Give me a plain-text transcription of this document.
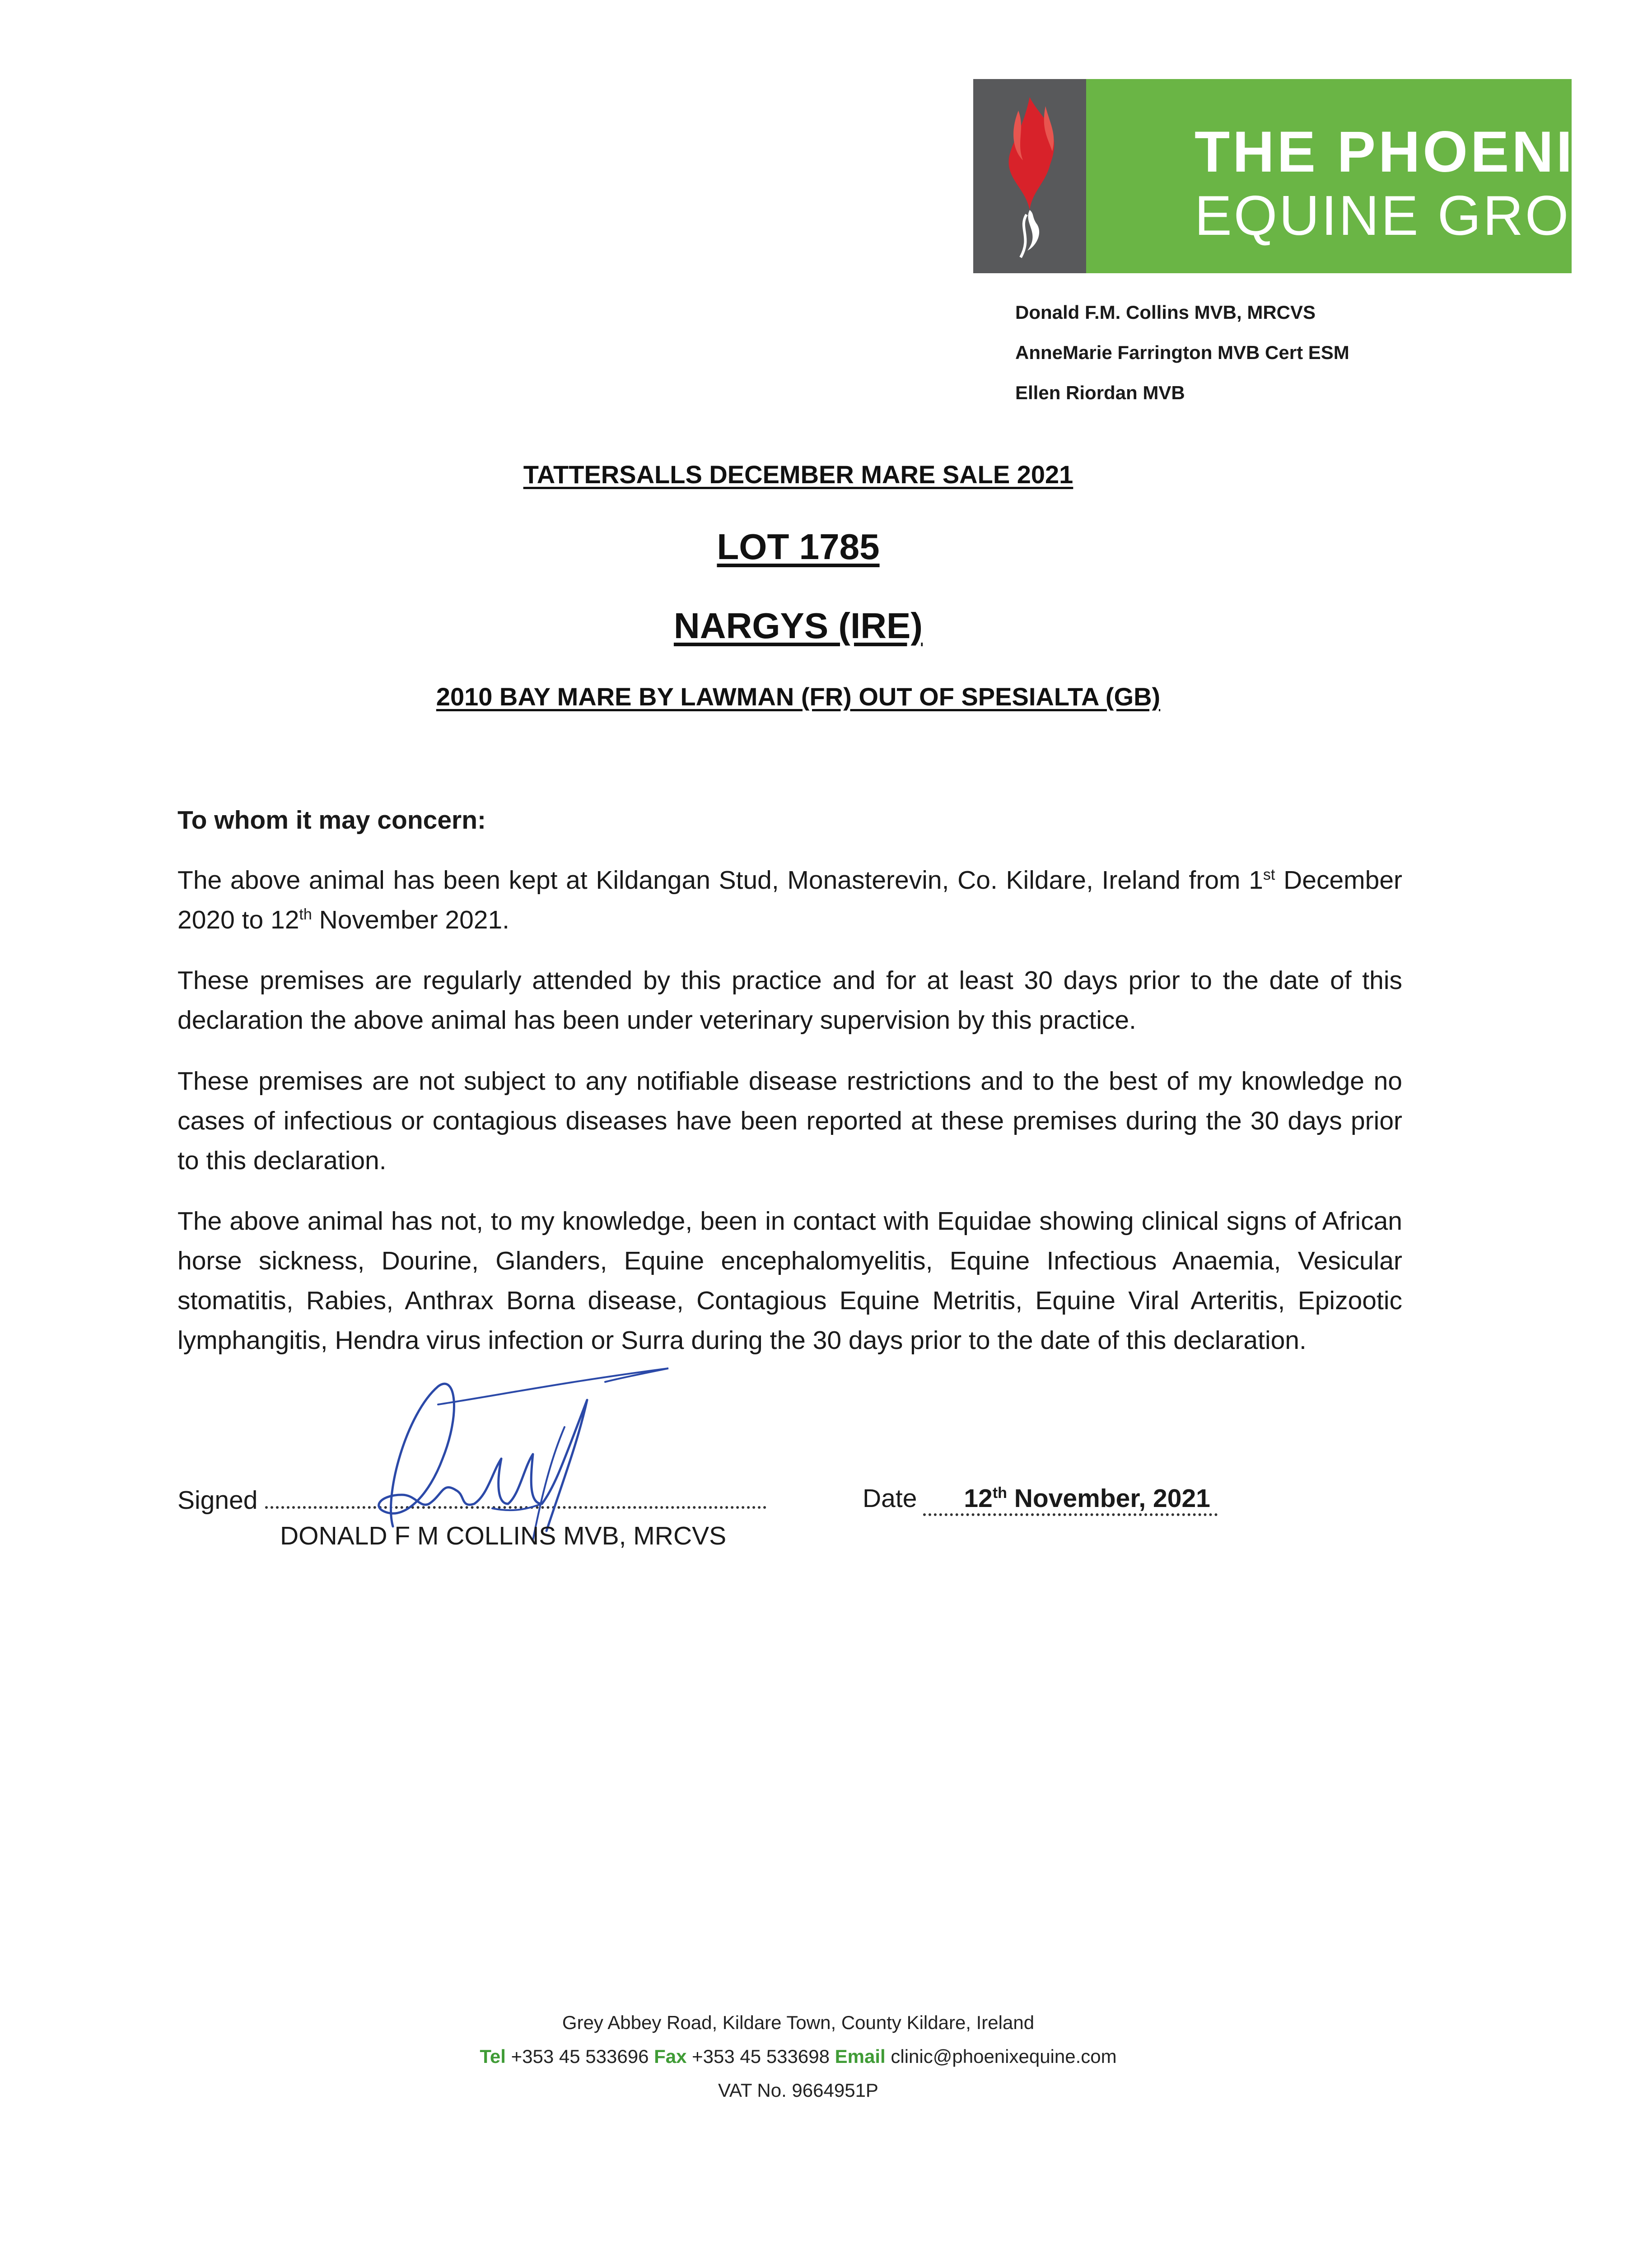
THE PHOENIX
EQUINE GROUP
Donald F.M. Collins MVB, MRCVS
AnneMarie Farrington MVB Cert ESM
Ellen Riordan MVB
TATTERSALLS DECEMBER MARE SALE 2021
LOT 1785
NARGYS (IRE)
2010 BAY MARE BY LAWMAN (FR) OUT OF SPESIALTA (GB)
To whom it may concern:
The above animal has been kept at Kildangan Stud, Monasterevin, Co. Kildare, Ireland from 1st December 2020 to 12th November 2021.
These premises are regularly attended by this practice and for at least 30 days prior to the date of this declaration the above animal has been under veterinary supervision by this practice.
These premises are not subject to any notifiable disease restrictions and to the best of my knowledge no cases of infectious or contagious diseases have been reported at these premises during the 30 days prior to this declaration.
The above animal has not, to my knowledge, been in contact with Equidae showing clinical signs of African horse sickness, Dourine, Glanders, Equine encephalomyelitis, Equine Infectious Anaemia, Vesicular stomatitis, Rabies, Anthrax Borna disease, Contagious Equine Metritis, Equine Viral Arteritis, Epizootic lymphangitis, Hendra virus infection or Surra during the 30 days prior to the date of this declaration.
Signed
DONALD F M COLLINS MVB, MRCVS
Date 12th November, 2021
Grey Abbey Road, Kildare Town, County Kildare, Ireland
Tel +353 45 533696 Fax +353 45 533698 Email clinic@phoenixequine.com
VAT No. 9664951P
